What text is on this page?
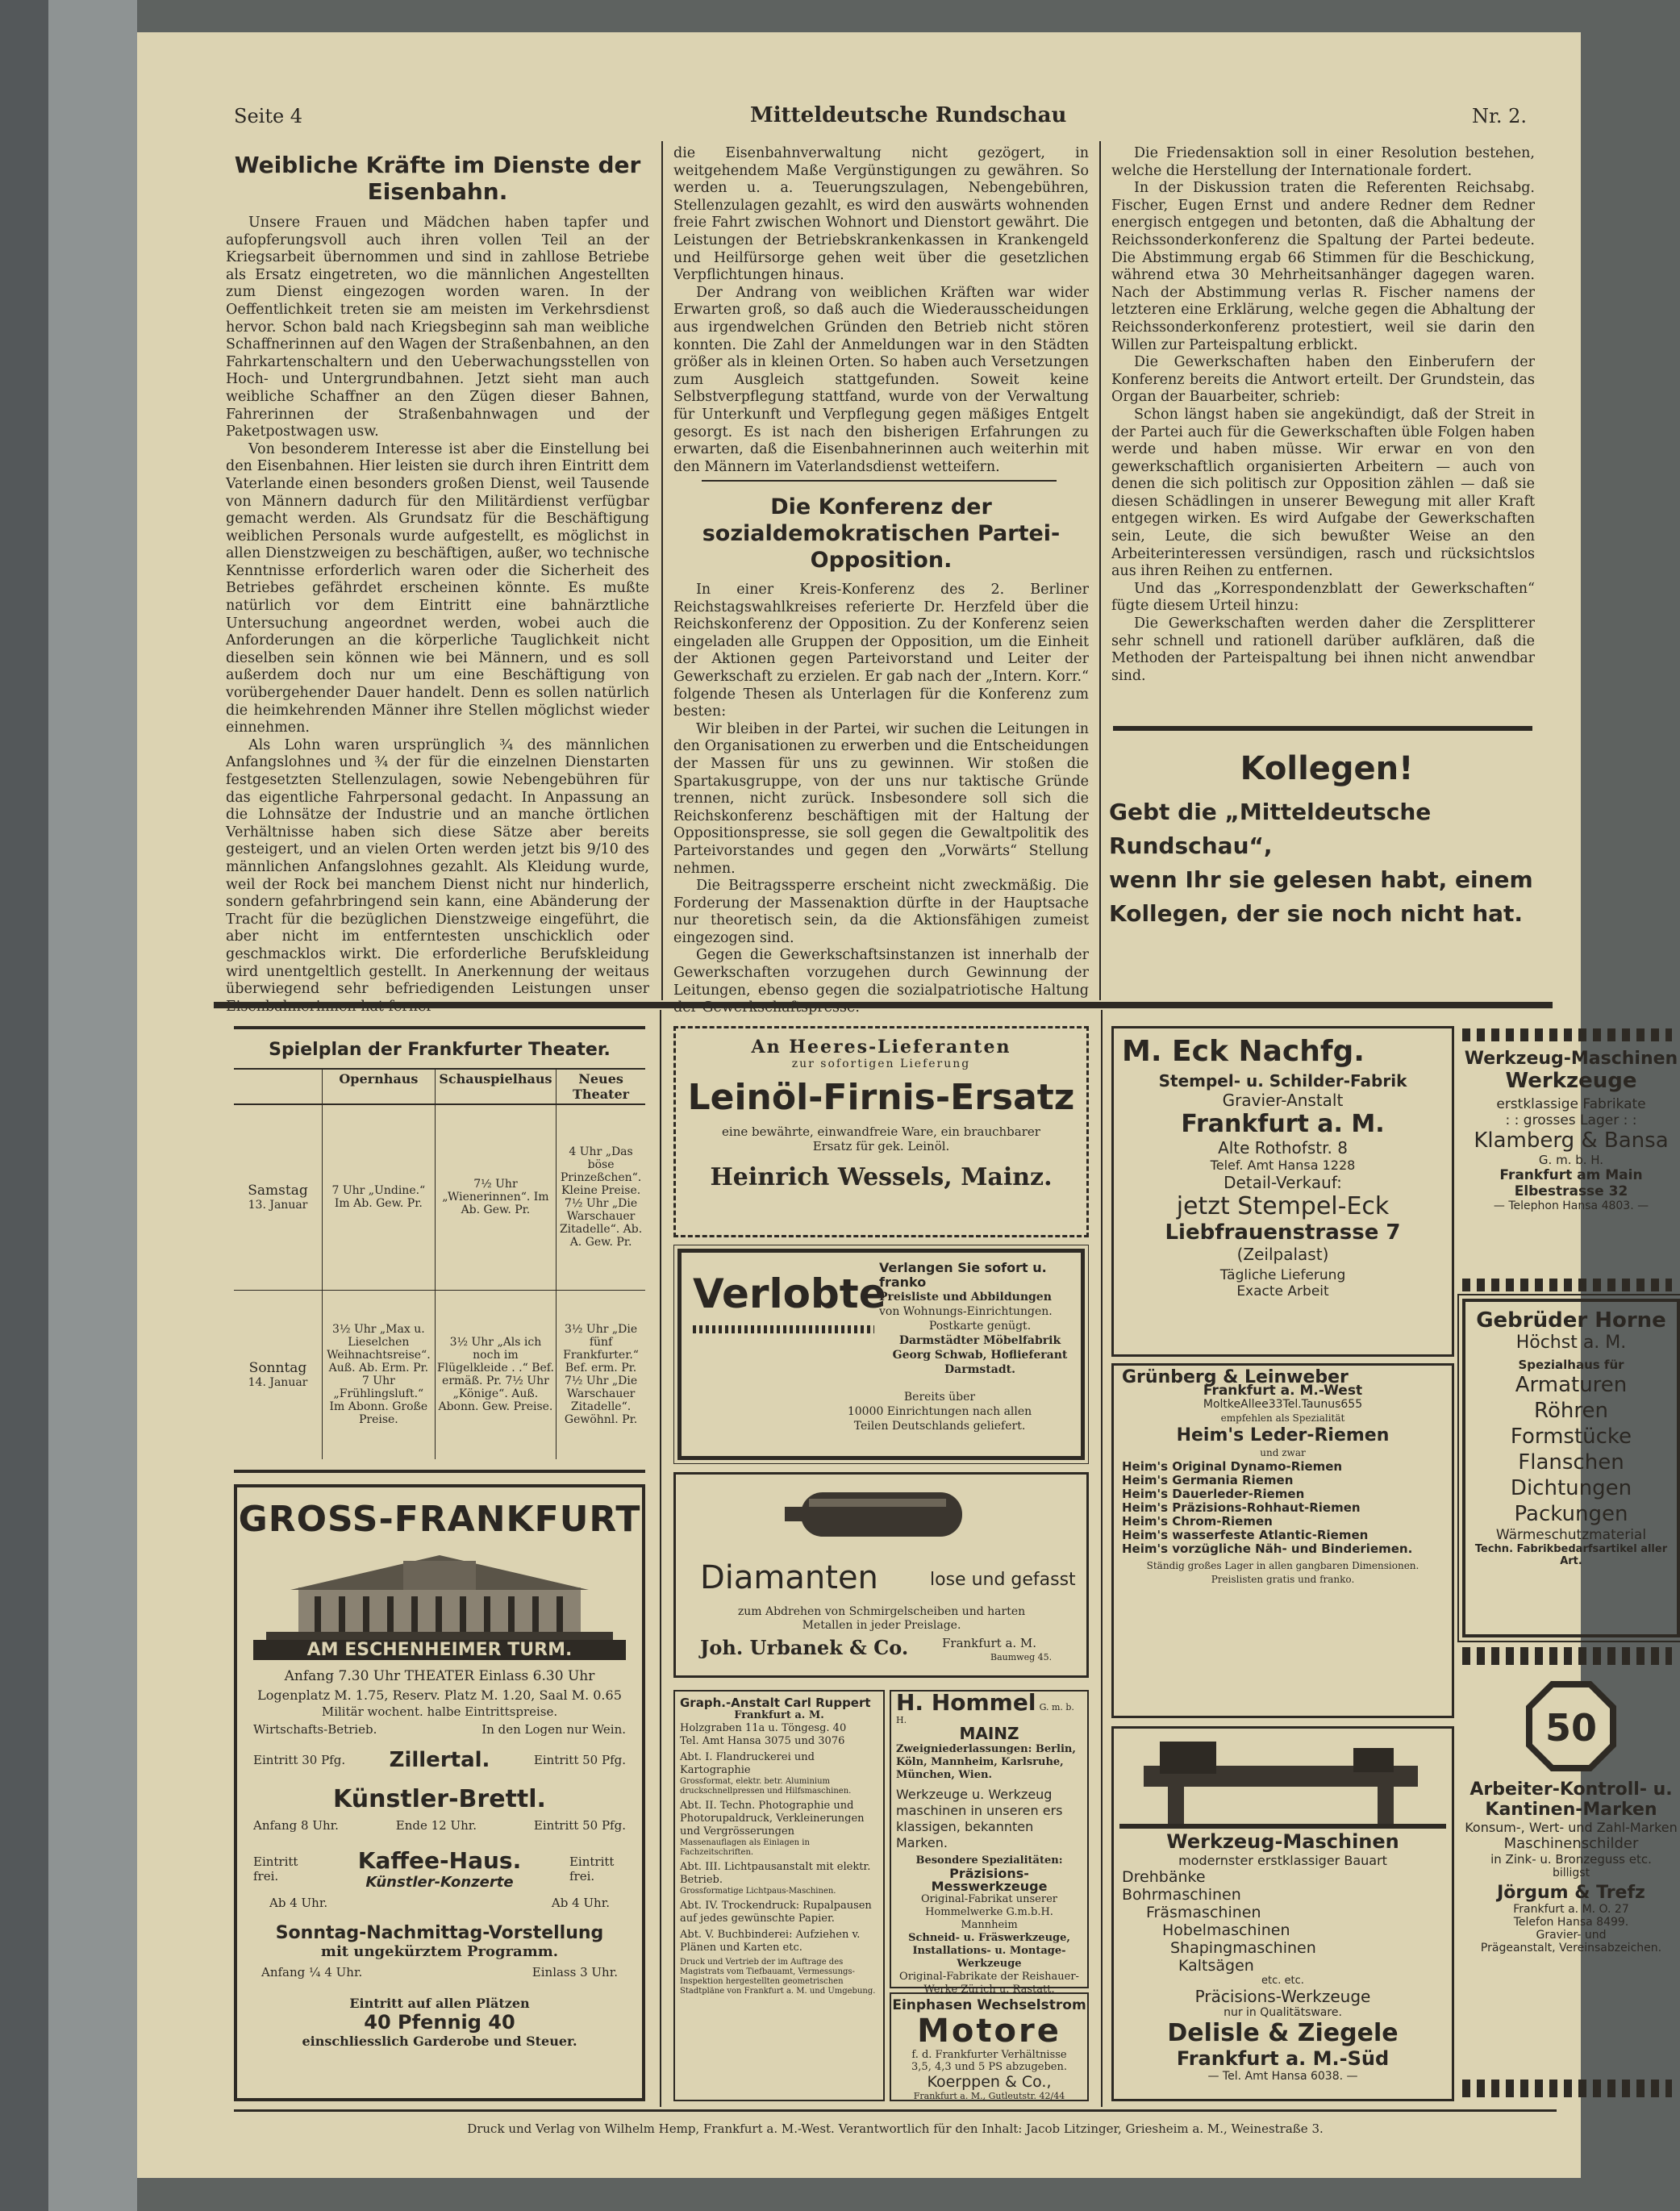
Seite 4	Mitteldeutsche Rundschau	Nr. 2.
Weibliche Kräfte im Dienste der Eisenbahn.

Unsere Frauen und Mädchen haben tapfer und aufopferungsvoll auch ihren vollen Teil an der Kriegsarbeit übernommen und sind in zahllose Betriebe als Ersatz eingetreten, wo die männlichen Angestellten zum Dienst eingezogen worden waren. In der Oeffentlichkeit treten sie am meisten im Verkehrsdienst hervor. Schon bald nach Kriegsbeginn sah man weibliche Schaffnerinnen auf den Wagen der Straßenbahnen, an den Fahrkartenschaltern und den Ueberwachungsstellen von Hoch- und Untergrundbahnen. Jetzt sieht man auch weibliche Schaffner an den Zügen dieser Bahnen, Fahrerinnen der Straßenbahnwagen und der Paketpostwagen usw.

Von besonderem Interesse ist aber die Einstellung bei den Eisenbahnen. Hier leisten sie durch ihren Eintritt dem Vaterlande einen besonders großen Dienst, weil Tausende von Männern dadurch für den Militärdienst verfügbar gemacht werden. Als Grundsatz für die Beschäftigung weiblichen Personals wurde aufgestellt, es möglichst in allen Dienstzweigen zu beschäftigen, außer, wo technische Kenntnisse erforderlich waren oder die Sicherheit des Betriebes gefährdet erscheinen könnte. Es mußte natürlich vor dem Eintritt eine bahnärztliche Untersuchung angeordnet werden, wobei auch die Anforderungen an die körperliche Tauglichkeit nicht dieselben sein können wie bei Männern, und es soll außerdem doch nur um eine Beschäftigung von vorübergehender Dauer handelt. Denn es sollen natürlich die heimkehrenden Männer ihre Stellen möglichst wieder einnehmen.

Als Lohn waren ursprünglich ¾ des männlichen Anfangslohnes und ¾ der für die einzelnen Dienstarten festgesetzten Stellenzulagen, sowie Nebengebühren für das eigentliche Fahrpersonal gedacht. In Anpassung an die Lohnsätze der Industrie und an manche örtlichen Verhältnisse haben sich diese Sätze aber bereits gesteigert, und an vielen Orten werden jetzt bis 9/10 des männlichen Anfangslohnes gezahlt. Als Kleidung wurde, weil der Rock bei manchem Dienst nicht nur hinderlich, sondern gefahrbringend sein kann, eine Abänderung der Tracht für die bezüglichen Dienstzweige eingeführt, die aber nicht im entferntesten unschicklich oder geschmacklos wirkt. Die erforderliche Berufskleidung wird unentgeltlich gestellt. In Anerkennung der weitaus überwiegend sehr befriedigenden Leistungen unser

die Eisenbahnverwaltung nicht gezögert, in weitgehendem Maße Vergünstigungen zu gewähren. So werden u. a. Teuerungszulagen, Nebengebühren, Stellenzulagen gezahlt, es wird den auswärts wohnenden freie Fahrt zwischen Wohnort und Dienstort gewährt. Die Leistungen der Betriebskrankenkassen in Krankengeld und Heilfürsorge gehen weit über die gesetzlichen Verpflichtungen hinaus.

Der Andrang von weiblichen Kräften war wider Erwarten groß, so daß auch die Wiederausscheidungen aus irgendwelchen Gründen den Betrieb nicht stören konnten. Die Zahl der Anmeldungen war in den Städten größer als in kleinen Orten. So haben auch Versetzungen zum Ausgleich stattgefunden. Soweit keine Selbstverpflegung stattfand, wurde von der Verwaltung für Unterkunft und Verpflegung gegen mäßiges Entgelt gesorgt. Es ist nach den bisherigen Erfahrungen zu erwarten, daß die Eisenbahnerinnen auch weiterhin mit den Männern im Vaterlandsdienst wetteifern.

Die Konferenz der sozialdemokratischen Partei-Opposition.

In einer Kreis-Konferenz des 2. Berliner Reichstagswahlkreises referierte Dr. Herzfeld über die Reichskonferenz der Opposition. Zu der Konferenz seien eingeladen alle Gruppen der Opposition, um die Einheit der Aktionen gegen Parteivorstand und Leiter der Gewerkschaft zu erzielen. Er gab nach der „Intern. Korr.“ folgende Thesen als Unterlagen für die Konferenz zum besten:

Wir bleiben in der Partei, wir suchen die Leitungen in den Organisationen zu erwerben und die Entscheidungen der Massen für uns zu gewinnen. Wir stoßen die Spartakusgruppe, von der uns nur taktische Gründe trennen, nicht zurück. Insbesondere soll sich die Reichskonferenz beschäftigen mit der Haltung der Oppositionspresse, sie soll gegen die Gewaltpolitik des Parteivorstandes und gegen den „Vorwärts“ Stellung nehmen.

Die Beitragssperre erscheint nicht zweckmäßig. Die Forderung der Massenaktion dürfte in der Hauptsache nur theoretisch sein, da die Aktionsfähigen zumeist eingezogen sind.

Gegen die Gewerkschaftsinstanzen ist innerhalb der Gewerkschaften vorzugehen durch Gewinnung der Leitungen, ebenso gegen die sozialpatriotische Haltung

Die Friedensaktion soll in einer Resolution bestehen, welche die Herstellung der Internationale fordert.

In der Diskussion traten die Referenten Reichsabg. Fischer, Eugen Ernst und andere Redner dem Redner energisch entgegen und betonten, daß die Abhaltung der Reichssonderkonferenz die Spaltung der Partei bedeute. Die Abstimmung ergab 66 Stimmen für die Beschickung, während etwa 30 Mehrheitsanhänger dagegen waren. Nach der Abstimmung verlas R. Fischer namens der letzteren eine Erklärung, welche gegen die Abhaltung der Reichssonderkonferenz protestiert, weil sie darin den Willen zur Parteispaltung erblickt.

Die Gewerkschaften haben den Einberufern der Konferenz bereits die Antwort erteilt. Der Grundstein, das Organ der Bauarbeiter, schrieb:

Schon längst haben sie angekündigt, daß der Streit in der Partei auch für die Gewerkschaften üble Folgen haben werde und haben müsse. Wir erwar en von den gewerkschaftlich organisierten Arbeitern — auch von denen die sich politisch zur Opposition zählen — daß sie diesen Schädlingen in unserer Bewegung mit aller Kraft entgegen wirken. Es wird Aufgabe der Gewerkschaften sein, Leute, die sich bewußter Weise an den Arbeiterinteressen versündigen, rasch und rücksichtslos aus ihren Reihen zu entfernen.

Und das „Korrespondenzblatt der Gewerkschaften“ fügte diesem Urteil hinzu:

Die Gewerkschaften werden daher die Zersplitterer sehr schnell und rationell darüber aufklären, daß die Methoden der Parteispaltung bei ihnen nicht anwendbar sind.

Kollegen!
Gebt die „Mitteldeutsche Rundschau“,
wenn Ihr sie gelesen habt, einem
Kollegen, der sie noch nicht hat.
Spielplan der Frankfurter Theater.
	Opernhaus	Schauspielhaus	Neues Theater

Samstag
13. Januar	7 Uhr „Undine.“ Im Ab. Gew. Pr.	7½ Uhr „Wienerinnen“. Im Ab. Gew. Pr.	4 Uhr „Das böse Prinzeßchen“. Kleine Preise. 7½ Uhr „Die Warschauer Zitadelle“. Ab. A. Gew. Pr.

Sonntag
14. Januar	3½ Uhr „Max u. Lieselchen Weihnachtsreise“. Auß. Ab. Erm. Pr. 7 Uhr „Frühlingsluft.“ Im Abonn. Große Preise.	3½ Uhr „Als ich noch im Flügelkleide . .“ Bef. ermäß. Pr. 7½ Uhr „Könige“. Auß. Abonn. Gew. Preise.	3½ Uhr „Die fünf Frankfurter.“ Bef. erm. Pr. 7½ Uhr „Die Warschauer Zitadelle“. Gewöhnl. Pr.
GROSS-FRANKFURT
AM ESCHENHEIMER TURM.
Anfang 7.30 Uhr THEATER Einlass 6.30 Uhr
Logenplatz M. 1.75, Reserv. Platz M. 1.20, Saal M. 0.65
Militär wochent. halbe Eintrittspreise.
Wirtschafts-Betrieb.	In den Logen nur Wein.
Eintritt 30 Pfg. Zillertal.	Eintritt 50 Pfg.
Künstler-Brettl.
Anfang 8 Uhr.	Ende 12 Uhr.	Eintritt 50 Pfg.
Eintritt frei.
Kaffee-Haus.
Künstler-Konzerte
Eintritt frei.
Ab 4 Uhr.	Ab 4 Uhr.
Sonntag-Nachmittag-Vorstellung
mit ungekürztem Programm.
Anfang ¼ 4 Uhr.	Einlass 3 Uhr.
Eintritt auf allen Plätzen
40 Pfennig 40
einschliesslich Garderobe und Steuer.
An Heeres-Lieferanten
zur sofortigen Lieferung
Leinöl-Firnis-Ersatz
eine bewährte, einwandfreie Ware, ein brauchbarer
Ersatz für gek. Leinöl.
Heinrich Wessels, Mainz.
Verlobte
Verlangen Sie sofort u. franko
Preisliste und Abbildungen
von Wohnungs-Einrichtungen.
Postkarte genügt.
Darmstädter Möbelfabrik
Georg Schwab, Hoflieferant
Darmstadt.
Bereits über
10000 Einrichtungen nach allen
Teilen Deutschlands geliefert.
Diamanten	lose und gefasst
zum Abdrehen von Schmirgelscheiben und harten
Metallen in jeder Preislage.
Joh. Urbanek & Co.	Frankfurt a. M.
Baumweg 45.
Graph.-Anstalt Carl Ruppert
Frankfurt a. M.
Holzgraben 11a u. Töngesg. 40
Tel. Amt Hansa 3075 und 3076
Abt. I. Flandruckerei und Kartographie
Grossformat, elektr. betr. Aluminium druckschnellpressen und Hilfsmaschinen.
Abt. II. Techn. Photographie und Photorupaldruck, Verkleinerungen und Vergrösserungen
Massenauflagen als Einlagen in Fachzeitschriften.
Abt. III. Lichtpausanstalt mit elektr. Betrieb.
Grossformatige Lichtpaus-Maschinen.
Abt. IV. Trockendruck: Rupalpausen auf jedes gewünschte Papier.
Abt. V. Buchbinderei: Aufziehen v. Plänen und Karten etc.
Druck und Vertrieb der im Auftrage des Magistrats vom Tiefbauamt, Vermessungs-Inspektion hergestellten geometrischen Stadtpläne von Frankfurt a. M. und Umgebung.
H. Hommel G. m. b. H.
MAINZ
Zweigniederlassungen: Berlin, Köln, Mannheim, Karlsruhe, München, Wien.
Werkzeuge u. Werkzeug maschinen in unseren ers klassigen, bekannten Marken.
Besondere Spezialitäten:
Präzisions-Messwerkzeuge
Original-Fabrikat unserer Hommelwerke G.m.b.H. Mannheim
Schneid- u. Fräswerkzeuge, Installations- u. Montage-Werkzeuge
Original-Fabrikate der Reishauer-Werke Zürich u. Rastatt.
Einphasen Wechselstrom
Motore
f. d. Frankfurter Verhältnisse
3,5, 4,3 und 5 PS abzugeben.
Koerppen & Co.,
Frankfurt a. M., Gutleutstr. 42/44
M. Eck Nachfg.
Stempel- u. Schilder-Fabrik
Gravier-Anstalt
Frankfurt a. M.
Alte Rothofstr. 8
Telef. Amt Hansa 1228
Detail-Verkauf:
jetzt Stempel-Eck
Liebfrauenstrasse 7
(Zeilpalast)
Tägliche Lieferung
Exacte Arbeit
Werkzeug-Maschinen
Werkzeuge
erstklassige Fabrikate
: : grosses Lager : :
Klamberg & Bansa
G. m. b. H.
Frankfurt am Main
Elbestrasse 32
— Telephon Hansa 4803. —
Grünberg & Leinweber
Frankfurt a. M.-West
MoltkeAllee33Tel.Taunus655
empfehlen als Spezialität
Heim's Leder-Riemen
und zwar
Heim's Original Dynamo-Riemen
Heim's Germania Riemen
Heim's Dauerleder-Riemen
Heim's Präzisions-Rohhaut-Riemen
Heim's Chrom-Riemen
Heim's wasserfeste Atlantic-Riemen
Heim's vorzügliche Näh- und Binderiemen.
Ständig großes Lager in allen gangbaren Dimensionen.
Preislisten gratis und franko.
Gebrüder Horne
Höchst a. M.
Spezialhaus für
Armaturen
Röhren
Formstücke
Flanschen
Dichtungen
Packungen
Wärmeschutzmaterial
Techn. Fabrikbedarfsartikel aller Art.
Werkzeug-Maschinen
modernster erstklassiger Bauart
Drehbänke
Bohrmaschinen
Fräsmaschinen
Hobelmaschinen
Shapingmaschinen
Kaltsägen
etc. etc.
Präcisions-Werkzeuge
nur in Qualitätsware.
Delisle & Ziegele
Frankfurt a. M.-Süd
— Tel. Amt Hansa 6038. —
50
Arbeiter-Kontroll- u.
Kantinen-Marken
Konsum-, Wert- und Zahl-Marken
Maschinenschilder
in Zink- u. Bronzeguss etc.
billigst
Jörgum & Trefz
Frankfurt a. M. O. 27
Telefon Hansa 8499.
Gravier- und
Prägeanstalt, Vereinsabzeichen.
Druck und Verlag von Wilhelm Hemp, Frankfurt a. M.-West. Verantwortlich für den Inhalt: Jacob Litzinger, Griesheim a. M., Weinestraße 3.
